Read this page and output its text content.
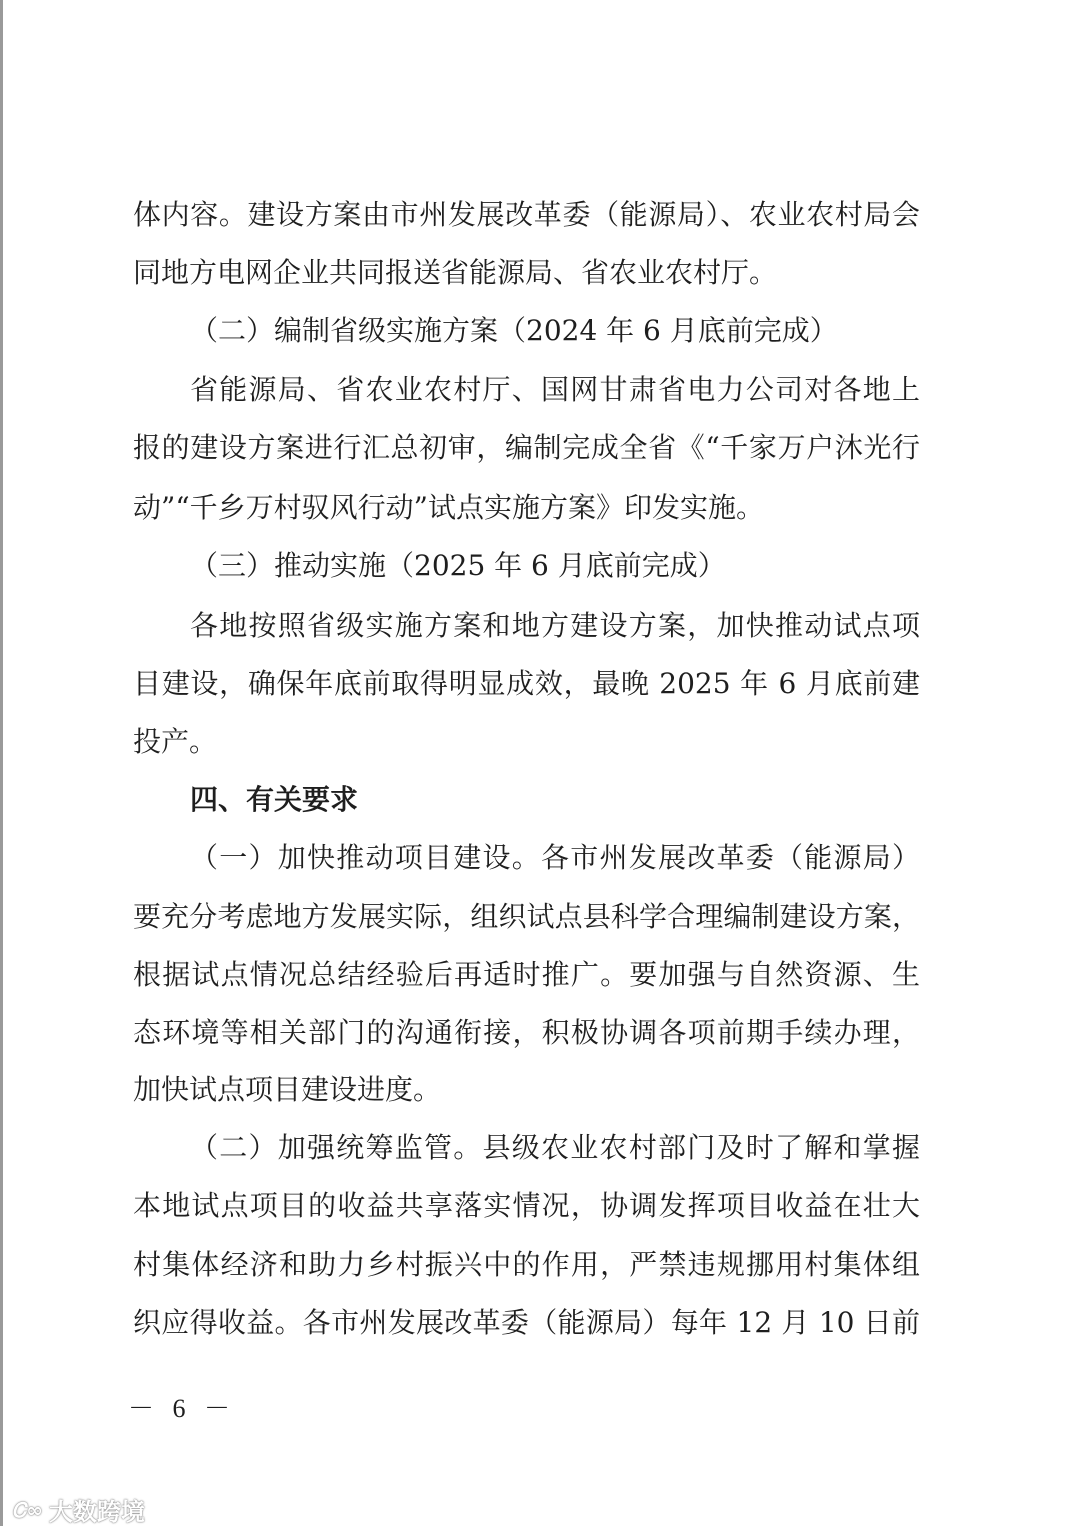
体内容。建设方案由市州发展改革委（能源局）、农业农村局会
同地方电网企业共同报送省能源局、省农业农村厅。
（二）编制省级实施方案（2024 年 6 月底前完成）
省能源局、省农业农村厅、国网甘肃省电力公司对各地上
报的建设方案进行汇总初审，编制完成全省《“千家万户沐光行
动”“千乡万村驭风行动”试点实施方案》印发实施。
（三）推动实施（2025 年 6 月底前完成）
各地按照省级实施方案和地方建设方案，加快推动试点项
目建设，确保年底前取得明显成效，最晚 2025 年 6 月底前建
投产。
四、有关要求
（一）加快推动项目建设。各市州发展改革委（能源局）
要充分考虑地方发展实际，组织试点县科学合理编制建设方案，
根据试点情况总结经验后再适时推广。要加强与自然资源、生
态环境等相关部门的沟通衔接，积极协调各项前期手续办理，
加快试点项目建设进度。
（二）加强统筹监管。县级农业农村部门及时了解和掌握
本地试点项目的收益共享落实情况，协调发挥项目收益在壮大
村集体经济和助力乡村振兴中的作用，严禁违规挪用村集体组
织应得收益。各市州发展改革委（能源局）每年 12 月 10 日前
－ 6 －
Ꮯ∞ 大数跨境
